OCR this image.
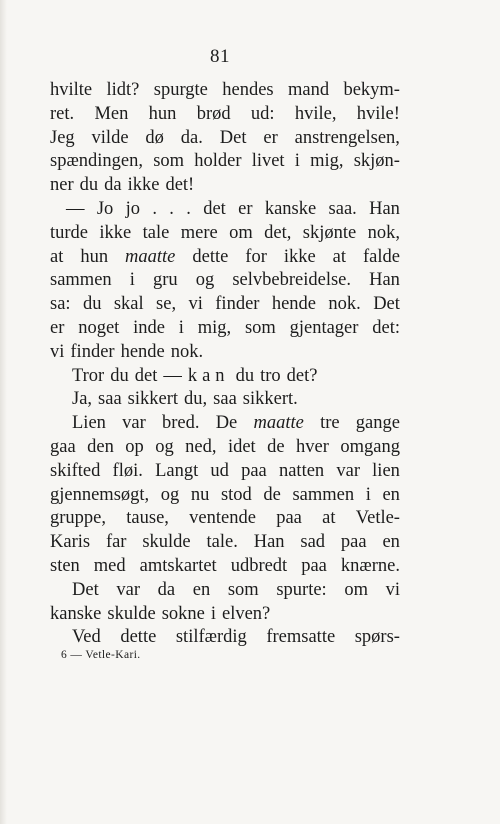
81
hvilte lidt? spurgte hendes mand bekym-
ret. Men hun brød ud: hvile, hvile!
Jeg vilde dø da. Det er anstrengelsen,
spændingen, som holder livet i mig, skjøn-
ner du da ikke det!
— Jo jo . . . det er kanske saa. Han
turde ikke tale mere om det, skjønte nok,
at hun maatte dette for ikke at falde
sammen i gru og selvbebreidelse. Han
sa: du skal se, vi finder hende nok. Det
er noget inde i mig, som gjentager det:
vi finder hende nok.
Tror du det — kan du tro det?
Ja, saa sikkert du, saa sikkert.
Lien var bred. De maatte tre gange
gaa den op og ned, idet de hver omgang
skifted fløi. Langt ud paa natten var lien
gjennemsøgt, og nu stod de sammen i en
gruppe, tause, ventende paa at Vetle-
Karis far skulde tale. Han sad paa en
sten med amtskartet udbredt paa knærne.
Det var da en som spurte: om vi
kanske skulde sokne i elven?
Ved dette stilfærdig fremsatte spørs-
6 — Vetle-Kari.
